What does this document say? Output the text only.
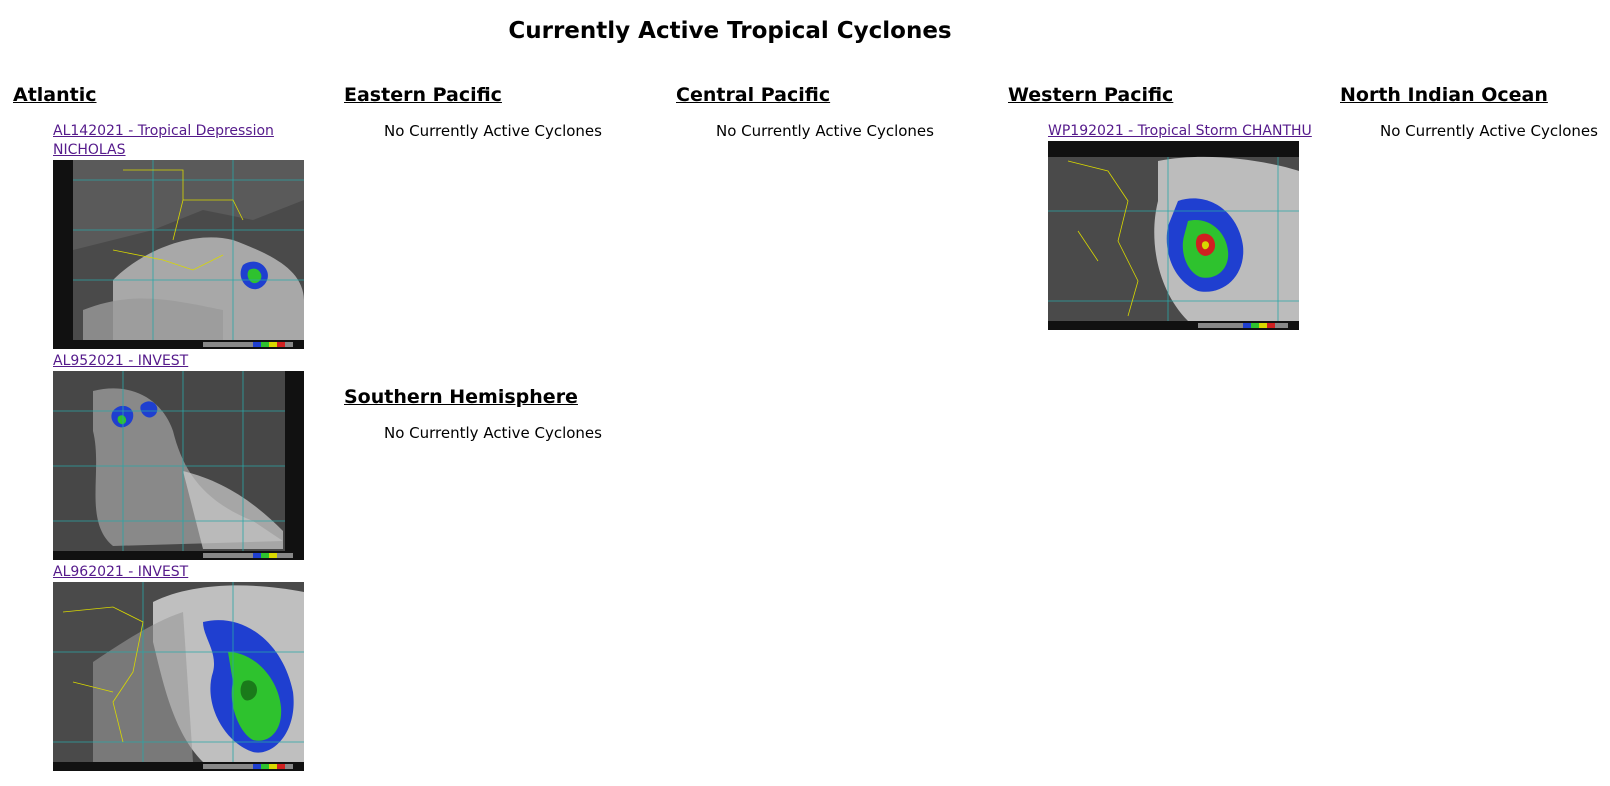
Currently Active Tropical Cyclones
Atlantic
AL142021 - Tropical Depression NICHOLAS
AL952021 - INVEST
AL962021 - INVEST
Eastern Pacific

No Currently Active Cyclones

Central Pacific

No Currently Active Cyclones

Western Pacific
WP192021 - Tropical Storm CHANTHU
North Indian Ocean

No Currently Active Cyclones

Southern Hemisphere

No Currently Active Cyclones
